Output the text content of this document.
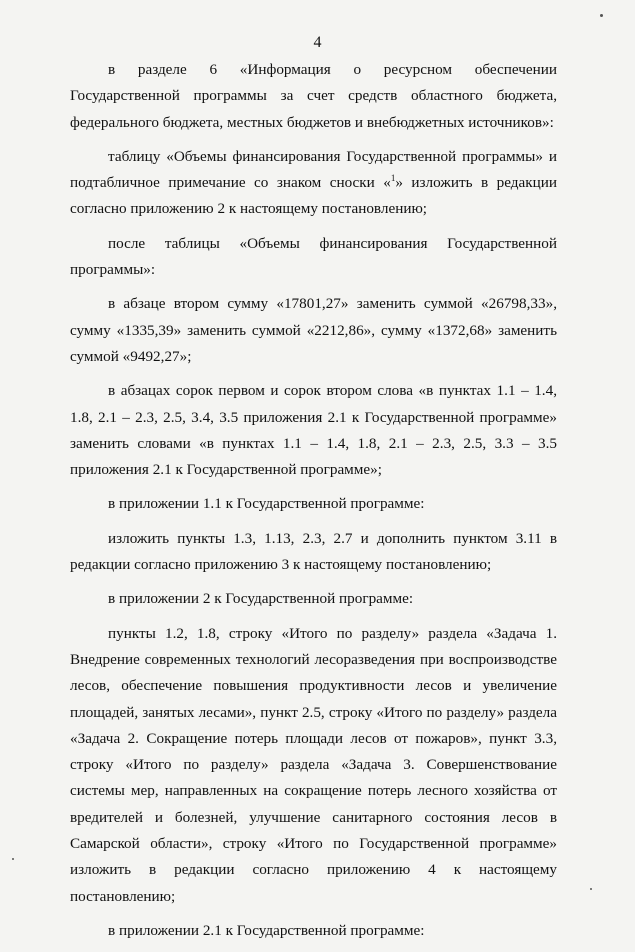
4

в разделе 6 «Информация о ресурсном обеспечении Государственной программы за счет средств областного бюджета, федерального бюджета, местных бюджетов и внебюджетных источников»:

таблицу «Объемы финансирования Государственной программы» и подтабличное примечание со знаком сноски «$^1$» изложить в редакции согласно приложению 2 к настоящему постановлению;

после таблицы «Объемы финансирования Государственной программы»:

в абзаце втором сумму «17801,27» заменить суммой «26798,33», сумму «1335,39» заменить суммой «2212,86», сумму «1372,68» заменить суммой «9492,27»;

в абзацах сорок первом и сорок втором слова «в пунктах 1.1 – 1.4, 1.8, 2.1 – 2.3, 2.5, 3.4, 3.5 приложения 2.1 к Государственной программе» заменить словами «в пунктах 1.1 – 1.4, 1.8, 2.1 – 2.3, 2.5, 3.3 – 3.5 приложения 2.1 к Государственной программе»;

в приложении 1.1 к Государственной программе:

изложить пункты 1.3, 1.13, 2.3, 2.7 и дополнить пунктом 3.11 в редакции согласно приложению 3 к настоящему постановлению;

в приложении 2 к Государственной программе:

пункты 1.2, 1.8, строку «Итого по разделу» раздела «Задача 1. Внедрение современных технологий лесоразведения при воспроизводстве лесов, обеспечение повышения продуктивности лесов и увеличение площадей, занятых лесами», пункт 2.5, строку «Итого по разделу» раздела «Задача 2. Сокращение потерь площади лесов от пожаров», пункт 3.3, строку «Итого по разделу» раздела «Задача 3. Совершенствование системы мер, направленных на сокращение потерь лесного хозяйства от вредителей и болезней, улучшение санитарного состояния лесов в Самарской области», строку «Итого по Государственной программе» изложить в редакции согласно приложению 4 к настоящему постановлению;

в приложении 2.1 к Государственной программе:
